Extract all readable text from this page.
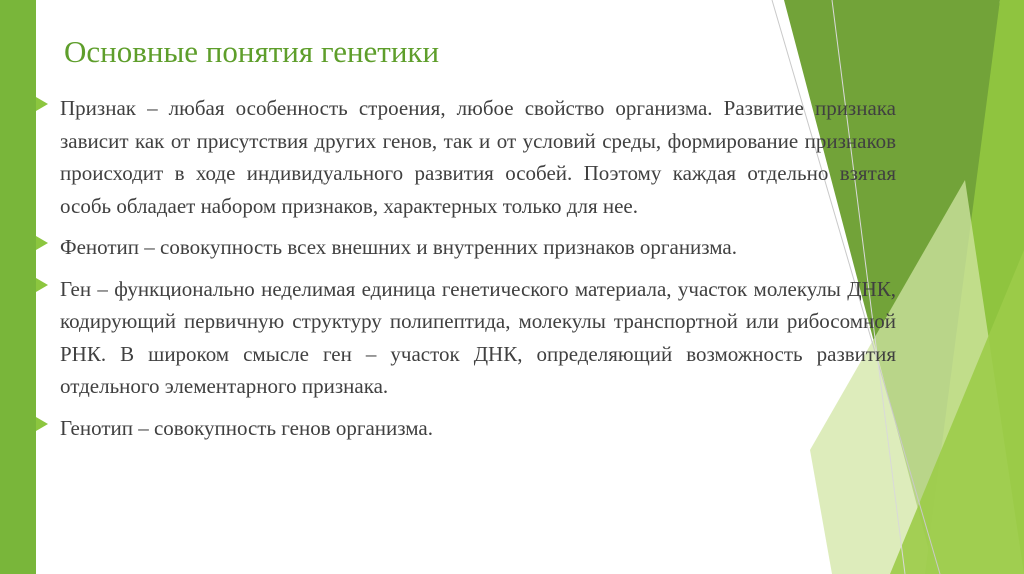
Основные понятия генетики
Признак – любая особенность строения, любое свойство организма. Развитие признака зависит как от присутствия других генов, так и от условий среды, формирование признаков происходит в ходе индивидуального развития особей. Поэтому каждая отдельно взятая особь обладает набором признаков, характерных только для нее.
Фенотип – совокупность всех внешних и внутренних признаков организма.
Ген – функционально неделимая единица генетического материала, участок молекулы ДНК, кодирующий первичную структуру полипептида, молекулы транспортной или рибосомной РНК. В широком смысле ген – участок ДНК, определяющий возможность развития отдельного элементарного признака.
Генотип – совокупность генов организма.
